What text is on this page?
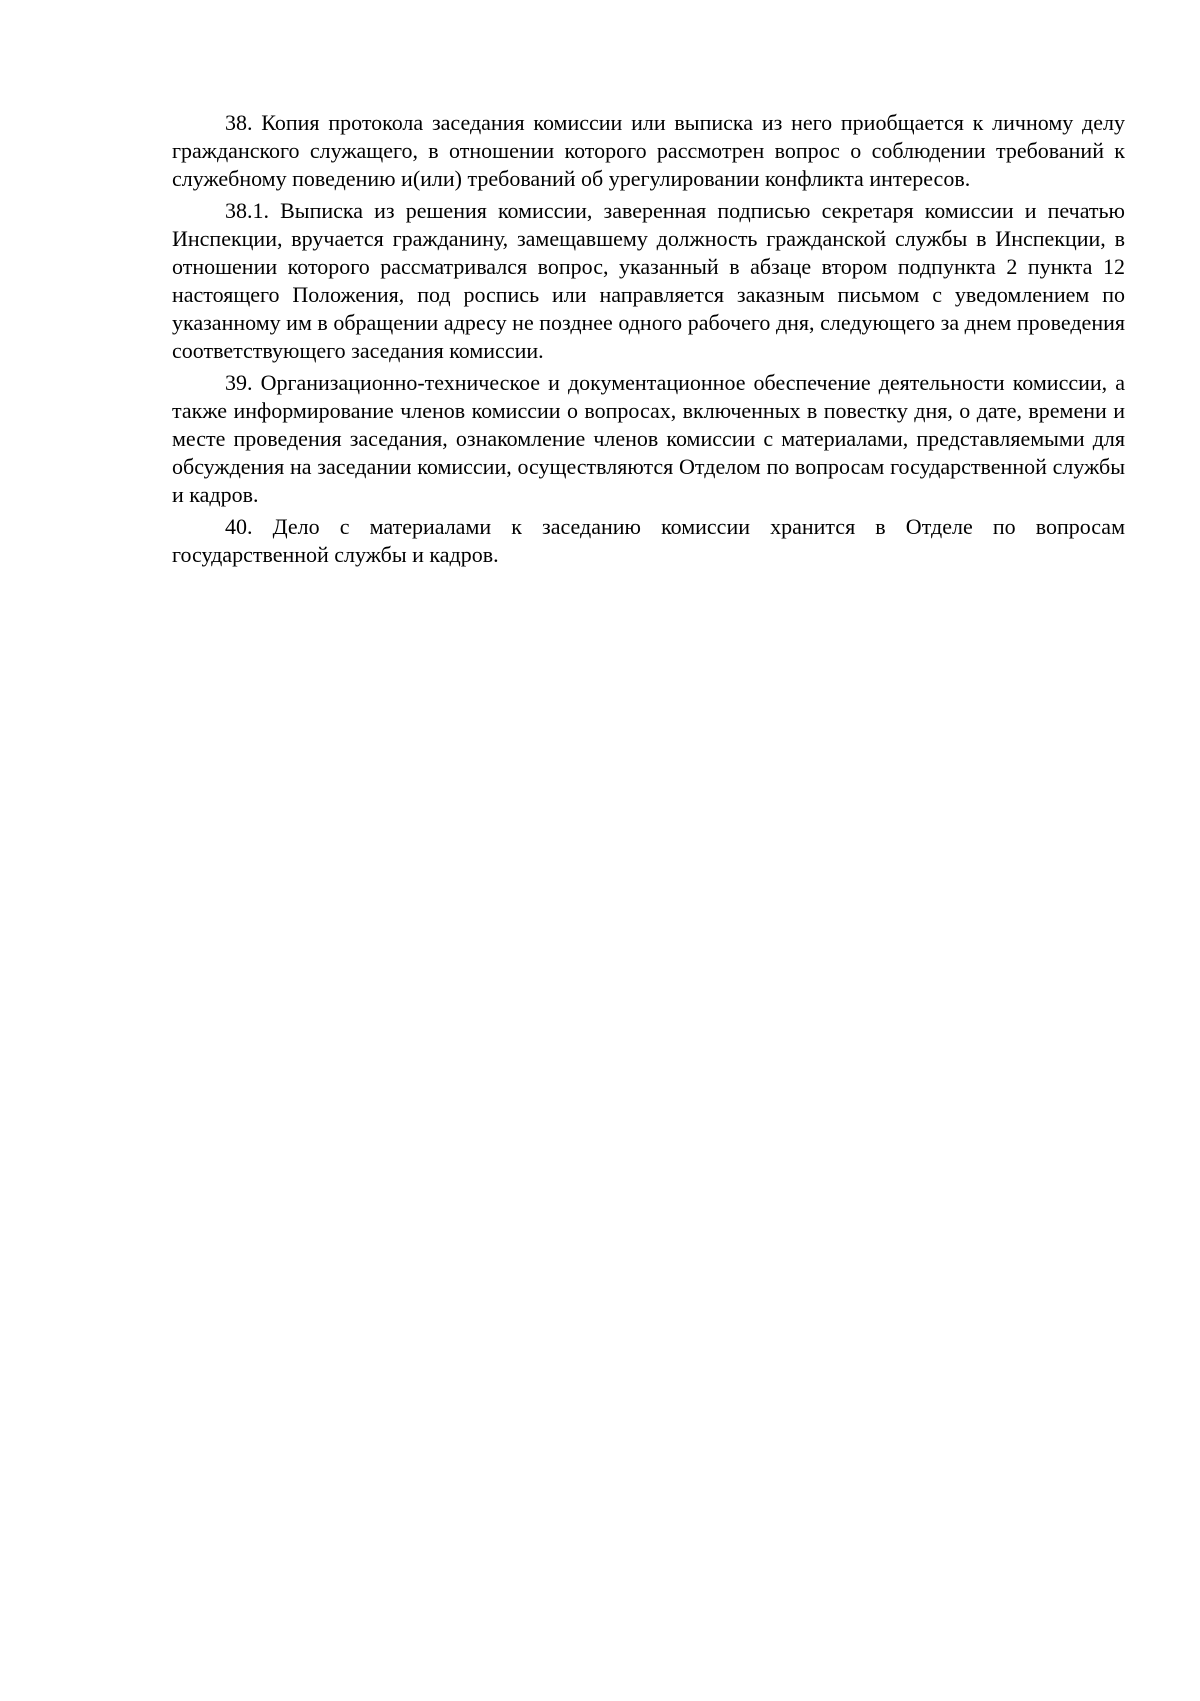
38. Копия протокола заседания комиссии или выписка из него приобщается к личному делу гражданского служащего, в отношении которого рассмотрен вопрос о соблюдении требований к служебному поведению и(или) требований об урегулировании конфликта интересов.

38.1. Выписка из решения комиссии, заверенная подписью секретаря комиссии и печатью Инспекции, вручается гражданину, замещавшему должность гражданской службы в Инспекции, в отношении которого рассматривался вопрос, указанный в абзаце втором подпункта 2 пункта 12 настоящего Положения, под роспись или направляется заказным письмом с уведомлением по указанному им в обращении адресу не позднее одного рабочего дня, следующего за днем проведения соответствующего заседания комиссии.

39. Организационно-техническое и документационное обеспечение деятельности комиссии, а также информирование членов комиссии о вопросах, включенных в повестку дня, о дате, времени и месте проведения заседания, ознакомление членов комиссии с материалами, представляемыми для обсуждения на заседании комиссии, осуществляются Отделом по вопросам государственной службы и кадров.

40. Дело с материалами к заседанию комиссии хранится в Отделе по вопросам государственной службы и кадров.
